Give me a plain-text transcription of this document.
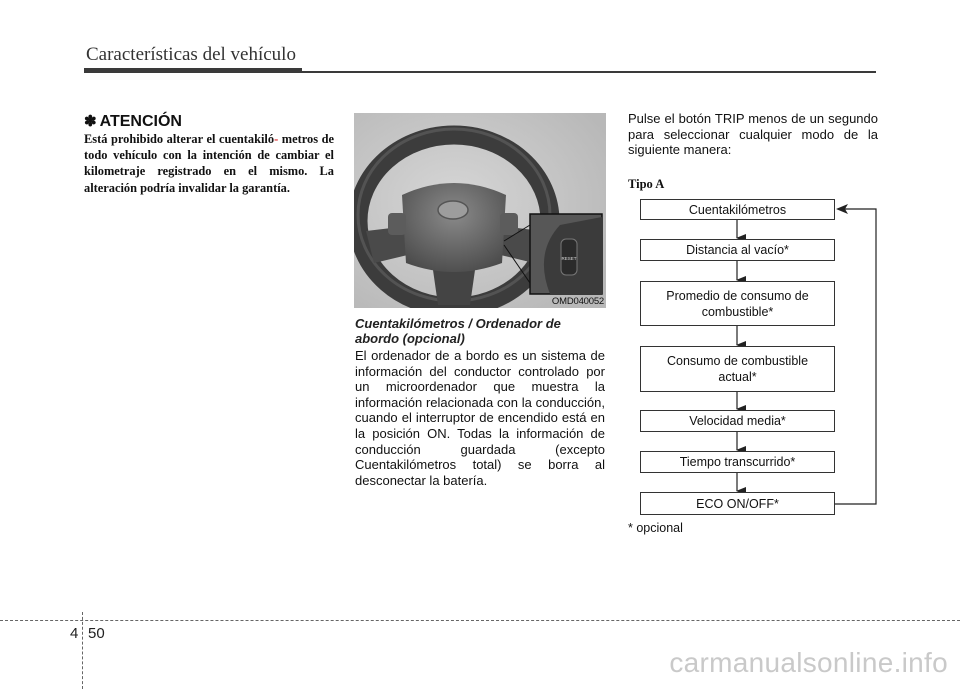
Características del vehículo
✽ ATENCIÓN
Está prohibido alterar el cuentakiló- metros de todo vehículo con la intención de cambiar el kilometraje registrado en el mismo. La alteración podría invalidar la garantía.
RESET
OMD040052
Cuentakilómetros / Ordenador de abordo (opcional)
El ordenador de a bordo es un sistema de información del conductor controlado por un microordenador que muestra la información relacionada con la conducción, cuando el interruptor de encendido está en la posición ON. Todas la información de conducción guardada (excepto Cuentakilómetros total) se borra al desconectar la batería.
Pulse el botón TRIP menos de un segundo para seleccionar cualquier modo de la siguiente manera:
Tipo A
Cuentakilómetros
Distancia al vacío*
Promedio de consumo de combustible*
Consumo de combustible actual*
Velocidad media*
Tiempo transcurrido*
ECO ON/OFF*
* opcional
4 50
carmanualsonline.info
